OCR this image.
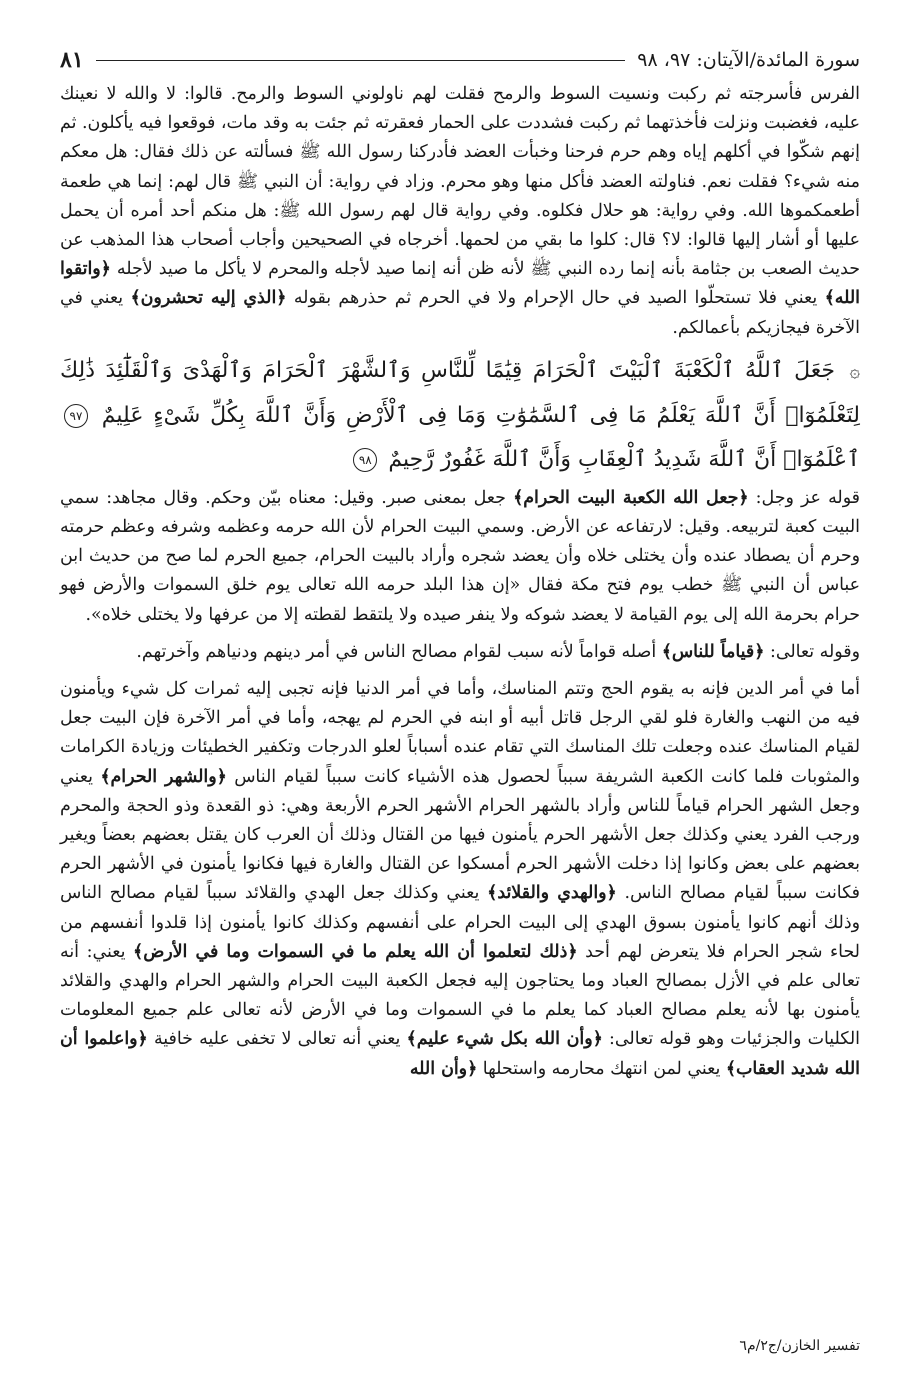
سورة المائدة/الآيتان: ٩٧، ٩٨
٨١

الفرس فأسرجته ثم ركبت ونسيت السوط والرمح فقلت لهم ناولوني السوط والرمح. قالوا: لا والله لا نعينك عليه، فغضبت ونزلت فأخذتهما ثم ركبت فشددت على الحمار فعقرته ثم جئت به وقد مات، فوقعوا فيه يأكلون. ثم إنهم شكّوا في أكلهم إياه وهم حرم فرحنا وخبأت العضد فأدركنا رسول الله ﷺ فسألته عن ذلك فقال: هل معكم منه شيء؟ فقلت نعم. فناولته العضد فأكل منها وهو محرم. وزاد في رواية: أن النبي ﷺ قال لهم: إنما هي طعمة أطعمكموها الله. وفي رواية: هو حلال فكلوه. وفي رواية قال لهم رسول الله ﷺ: هل منكم أحد أمره أن يحمل عليها أو أشار إليها قالوا: لا؟ قال: كلوا ما بقي من لحمها. أخرجاه في الصحيحين وأجاب أصحاب هذا المذهب عن حديث الصعب بن جثامة بأنه إنما رده النبي ﷺ لأنه ظن أنه إنما صيد لأجله والمحرم لا يأكل ما صيد لأجله ﴿واتقوا الله﴾ يعني فلا تستحلّوا الصيد في حال الإحرام ولا في الحرم ثم حذرهم بقوله ﴿الذي إليه تحشرون﴾ يعني في الآخرة فيجازيكم بأعمالكم.

۞ جَعَلَ ٱللَّهُ ٱلْكَعْبَةَ ٱلْبَيْتَ ٱلْحَرَامَ قِيَٰمًا لِّلنَّاسِ وَٱلشَّهْرَ ٱلْحَرَامَ وَٱلْهَدْىَ وَٱلْقَلَٰٓئِدَ ذَٰلِكَ لِتَعْلَمُوٓا۟ أَنَّ ٱللَّهَ يَعْلَمُ مَا فِى ٱلسَّمَٰوَٰتِ وَمَا فِى ٱلْأَرْضِ وَأَنَّ ٱللَّهَ بِكُلِّ شَىْءٍ عَلِيمٌ ٩٧ ٱعْلَمُوٓا۟ أَنَّ ٱللَّهَ شَدِيدُ ٱلْعِقَابِ وَأَنَّ ٱللَّهَ غَفُورٌ رَّحِيمٌ ٩٨

قوله عز وجل: ﴿جعل الله الكعبة البيت الحرام﴾ جعل بمعنى صبر. وقيل: معناه بيّن وحكم. وقال مجاهد: سمي البيت كعبة لتربيعه. وقيل: لارتفاعه عن الأرض. وسمي البيت الحرام لأن الله حرمه وعظمه وشرفه وعظم حرمته وحرم أن يصطاد عنده وأن يختلى خلاه وأن يعضد شجره وأراد بالبيت الحرام، جميع الحرم لما صح من حديث ابن عباس أن النبي ﷺ خطب يوم فتح مكة فقال «إن هذا البلد حرمه الله تعالى يوم خلق السموات والأرض فهو حرام بحرمة الله إلى يوم القيامة لا يعضد شوكه ولا ينفر صيده ولا يلتقط لقطته إلا من عرفها ولا يختلى خلاه».

وقوله تعالى: ﴿قياماً للناس﴾ أصله قواماً لأنه سبب لقوام مصالح الناس في أمر دينهم ودنياهم وآخرتهم.

أما في أمر الدين فإنه به يقوم الحج وتتم المناسك، وأما في أمر الدنيا فإنه تجبى إليه ثمرات كل شيء ويأمنون فيه من النهب والغارة فلو لقي الرجل قاتل أبيه أو ابنه في الحرم لم يهجه، وأما في أمر الآخرة فإن البيت جعل لقيام المناسك عنده وجعلت تلك المناسك التي تقام عنده أسباباً لعلو الدرجات وتكفير الخطيئات وزيادة الكرامات والمثوبات فلما كانت الكعبة الشريفة سبباً لحصول هذه الأشياء كانت سبباً لقيام الناس ﴿والشهر الحرام﴾ يعني وجعل الشهر الحرام قياماً للناس وأراد بالشهر الحرام الأشهر الحرم الأربعة وهي: ذو القعدة وذو الحجة والمحرم ورجب الفرد يعني وكذلك جعل الأشهر الحرم يأمنون فيها من القتال وذلك أن العرب كان يقتل بعضهم بعضاً ويغير بعضهم على بعض وكانوا إذا دخلت الأشهر الحرم أمسكوا عن القتال والغارة فيها فكانوا يأمنون في الأشهر الحرم فكانت سبباً لقيام مصالح الناس. ﴿والهدي والقلائد﴾ يعني وكذلك جعل الهدي والقلائد سبباً لقيام مصالح الناس وذلك أنهم كانوا يأمنون بسوق الهدي إلى البيت الحرام على أنفسهم وكذلك كانوا يأمنون إذا قلدوا أنفسهم من لحاء شجر الحرام فلا يتعرض لهم أحد ﴿ذلك لتعلموا أن الله يعلم ما في السموات وما في الأرض﴾ يعني: أنه تعالى علم في الأزل بمصالح العباد وما يحتاجون إليه فجعل الكعبة البيت الحرام والشهر الحرام والهدي والقلائد يأمنون بها لأنه يعلم مصالح العباد كما يعلم ما في السموات وما في الأرض لأنه تعالى علم جميع المعلومات الكليات والجزئيات وهو قوله تعالى: ﴿وأن الله بكل شيء عليم﴾ يعني أنه تعالى لا تخفى عليه خافية ﴿واعلموا أن الله شديد العقاب﴾ يعني لمن انتهك محارمه واستحلها ﴿وأن الله

تفسير الخازن/ج٢/م٦
